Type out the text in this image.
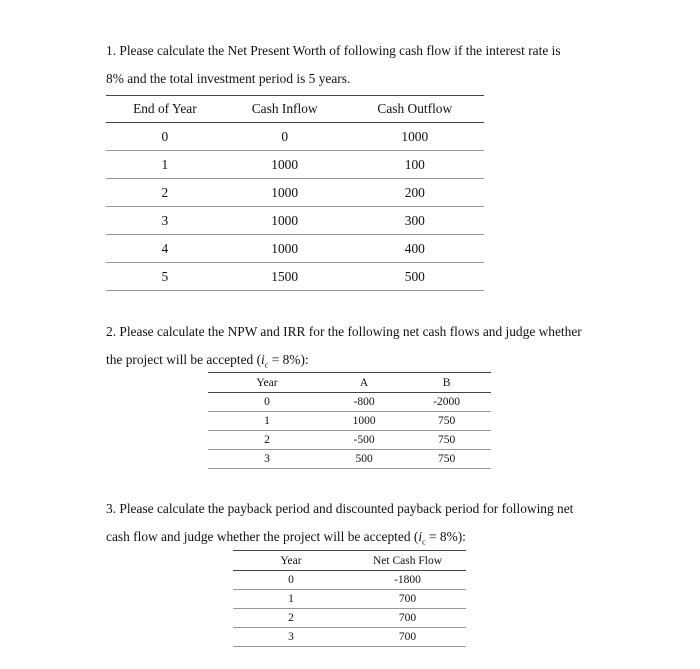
1. Please calculate the Net Present Worth of following cash flow if the interest rate is
8% and the total investment period is 5 years.
End of Year	Cash Inflow	Cash Outflow
0	0	1000
1	1000	100
2	1000	200
3	1000	300
4	1000	400
5	1500	500
2. Please calculate the NPW and IRR for the following net cash flows and judge whether
the project will be accepted $(i_c = 8\%)$:
Year	A	B
0	-800	-2000
1	1000	750
2	-500	750
3	500	750
3. Please calculate the payback period and discounted payback period for following net
cash flow and judge whether the project will be accepted $(i_c = 8\%)$:
Year	Net Cash Flow
0	-1800
1	700
2	700
3	700
